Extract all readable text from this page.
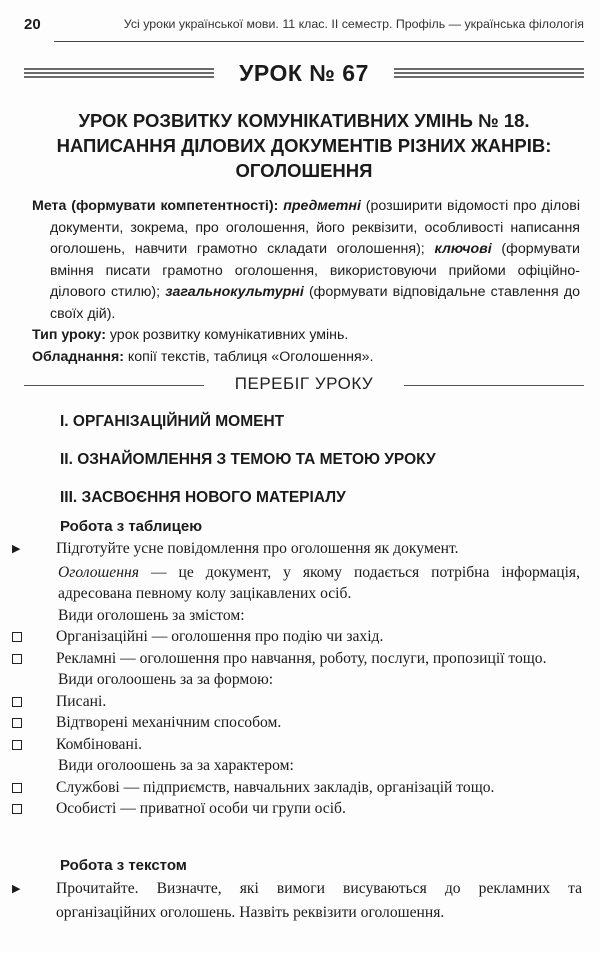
20	Усі уроки української мови. 11 клас. ІІ семестр. Профіль — українська філологія
УРОК № 67
УРОК РОЗВИТКУ КОМУНІКАТИВНИХ УМІНЬ № 18.
НАПИСАННЯ ДІЛОВИХ ДОКУМЕНТІВ РІЗНИХ ЖАНРІВ:
ОГОЛОШЕННЯ

Мета (формувати компетентності): предметні (розширити відомості про ділові документи, зокрема, про оголошення, його реквізити, особливості написання оголошень, навчити грамотно складати оголошення); ключові (формувати вміння писати грамотно оголошення, використовуючи прийоми офіційно-ділового стилю); загальнокультурні (формувати відповідальне ставлення до своїх дій).

Тип уроку: урок розвитку комунікативних умінь.

Обладнання: копії текстів, таблиця «Оголошення».

ПЕРЕБІГ УРОКУ
І. ОРГАНІЗАЦІЙНИЙ МОМЕНТ
ІІ. ОЗНАЙОМЛЕННЯ З ТЕМОЮ ТА МЕТОЮ УРОКУ
ІІІ. ЗАСВОЄННЯ НОВОГО МАТЕРІАЛУ
Робота з таблицею

▶ Підготуйте усне повідомлення про оголошення як документ.

Оголошення — це документ, у якому подається потрібна інформація, адресована певному колу зацікавлених осіб.

Види оголошень за змістом:

Організаційні — оголошення про подію чи захід.

Рекламні — оголошення про навчання, роботу, послуги, пропозиції тощо.

Види оголоошень за за формою:

Писані.

Відтворені механічним способом.

Комбіновані.

Види оголоошень за за характером:

Службові — підприємств, навчальних закладів, організацій тощо.

Особисті — приватної особи чи групи осіб.

Робота з текстом

▶ Прочитайте. Визначте, які вимоги висуваються до рекламних та організаційних оголошень. Назвіть реквізити оголошення.
